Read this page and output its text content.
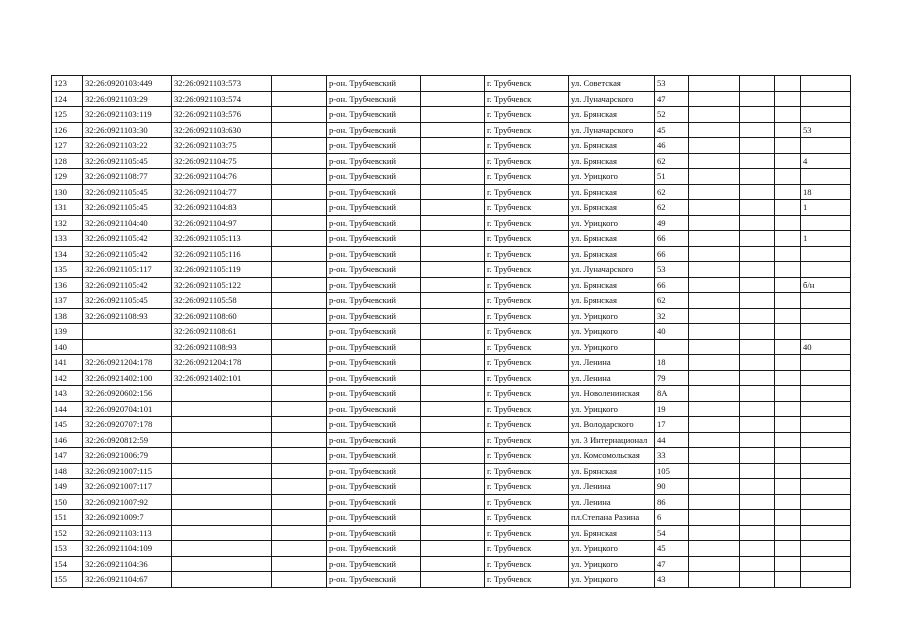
123	32:26:0920103:449	32:26:0921103:573		р-он. Трубчевский		г. Трубчевск	ул. Советская	53				
124	32:26:0921103:29	32:26:0921103:574		р-он. Трубчевский		г. Трубчевск	ул. Луначарского	47				
125	32:26:0921103:119	32:26:0921103:576		р-он. Трубчевский		г. Трубчевск	ул. Брянская	52				
126	32:26:0921103:30	32:26:0921103:630		р-он. Трубчевский		г. Трубчевск	ул. Луначарского	45				53
127	32:26:0921103:22	32:26:0921103:75		р-он. Трубчевский		г. Трубчевск	ул. Брянская	46				
128	32:26:0921105:45	32:26:0921104:75		р-он. Трубчевский		г. Трубчевск	ул. Брянская	62				4
129	32:26:0921108:77	32:26:0921104:76		р-он. Трубчевский		г. Трубчевск	ул. Урицкого	51				
130	32:26:0921105:45	32:26:0921104:77		р-он. Трубчевский		г. Трубчевск	ул. Брянская	62				18
131	32:26:0921105:45	32:26:0921104:83		р-он. Трубчевский		г. Трубчевск	ул. Брянская	62				1
132	32:26:0921104:40	32:26:0921104:97		р-он. Трубчевский		г. Трубчевск	ул. Урицкого	49				
133	32:26:0921105:42	32:26:0921105:113		р-он. Трубчевский		г. Трубчевск	ул. Брянская	66				1
134	32:26:0921105:42	32:26:0921105:116		р-он. Трубчевский		г. Трубчевск	ул. Брянская	66				
135	32:26:0921105:117	32:26:0921105:119		р-он. Трубчевский		г. Трубчевск	ул. Луначарского	53				
136	32:26:0921105:42	32:26:0921105:122		р-он. Трубчевский		г. Трубчевск	ул. Брянская	66				б/н
137	32:26:0921105:45	32:26:0921105:58		р-он. Трубчевский		г. Трубчевск	ул. Брянская	62				
138	32:26:0921108:93	32:26:0921108:60		р-он. Трубчевский		г. Трубчевск	ул. Урицкого	32				
139		32:26:0921108:61		р-он. Трубчевский		г. Трубчевск	ул. Урицкого	40				
140		32:26:0921108:93		р-он. Трубчевский		г. Трубчевск	ул. Урицкого					40
141	32:26:0921204:178	32:26:0921204:178		р-он. Трубчевский		г. Трубчевск	ул. Ленина	18				
142	32:26:0921402:100	32:26:0921402:101		р-он. Трубчевский		г. Трубчевск	ул. Ленина	79				
143	32:26:0920602:156			р-он. Трубчевский		г. Трубчевск	ул. Новоленинская	8А				
144	32:26:0920704:101			р-он. Трубчевский		г. Трубчевск	ул. Урицкого	19				
145	32:26:0920707:178			р-он. Трубчевский		г. Трубчевск	ул. Володарского	17				
146	32:26:0920812:59			р-он. Трубчевский		г. Трубчевск	ул. 3 Интернационал	44				
147	32:26:0921006:79			р-он. Трубчевский		г. Трубчевск	ул. Комсомольская	33				
148	32:26:0921007:115			р-он. Трубчевский		г. Трубчевск	ул. Брянская	105				
149	32:26:0921007:117			р-он. Трубчевский		г. Трубчевск	ул. Ленина	90				
150	32:26:0921007:92			р-он. Трубчевский		г. Трубчевск	ул. Ленина	86				
151	32:26:0921009:7			р-он. Трубчевский		г. Трубчевск	пл.Степана Разина	6				
152	32:26:0921103:113			р-он. Трубчевский		г. Трубчевск	ул. Брянская	54				
153	32:26:0921104:109			р-он. Трубчевский		г. Трубчевск	ул. Урицкого	45				
154	32:26:0921104:36			р-он. Трубчевский		г. Трубчевск	ул. Урицкого	47				
155	32:26:0921104:67			р-он. Трубчевский		г. Трубчевск	ул. Урицкого	43				
